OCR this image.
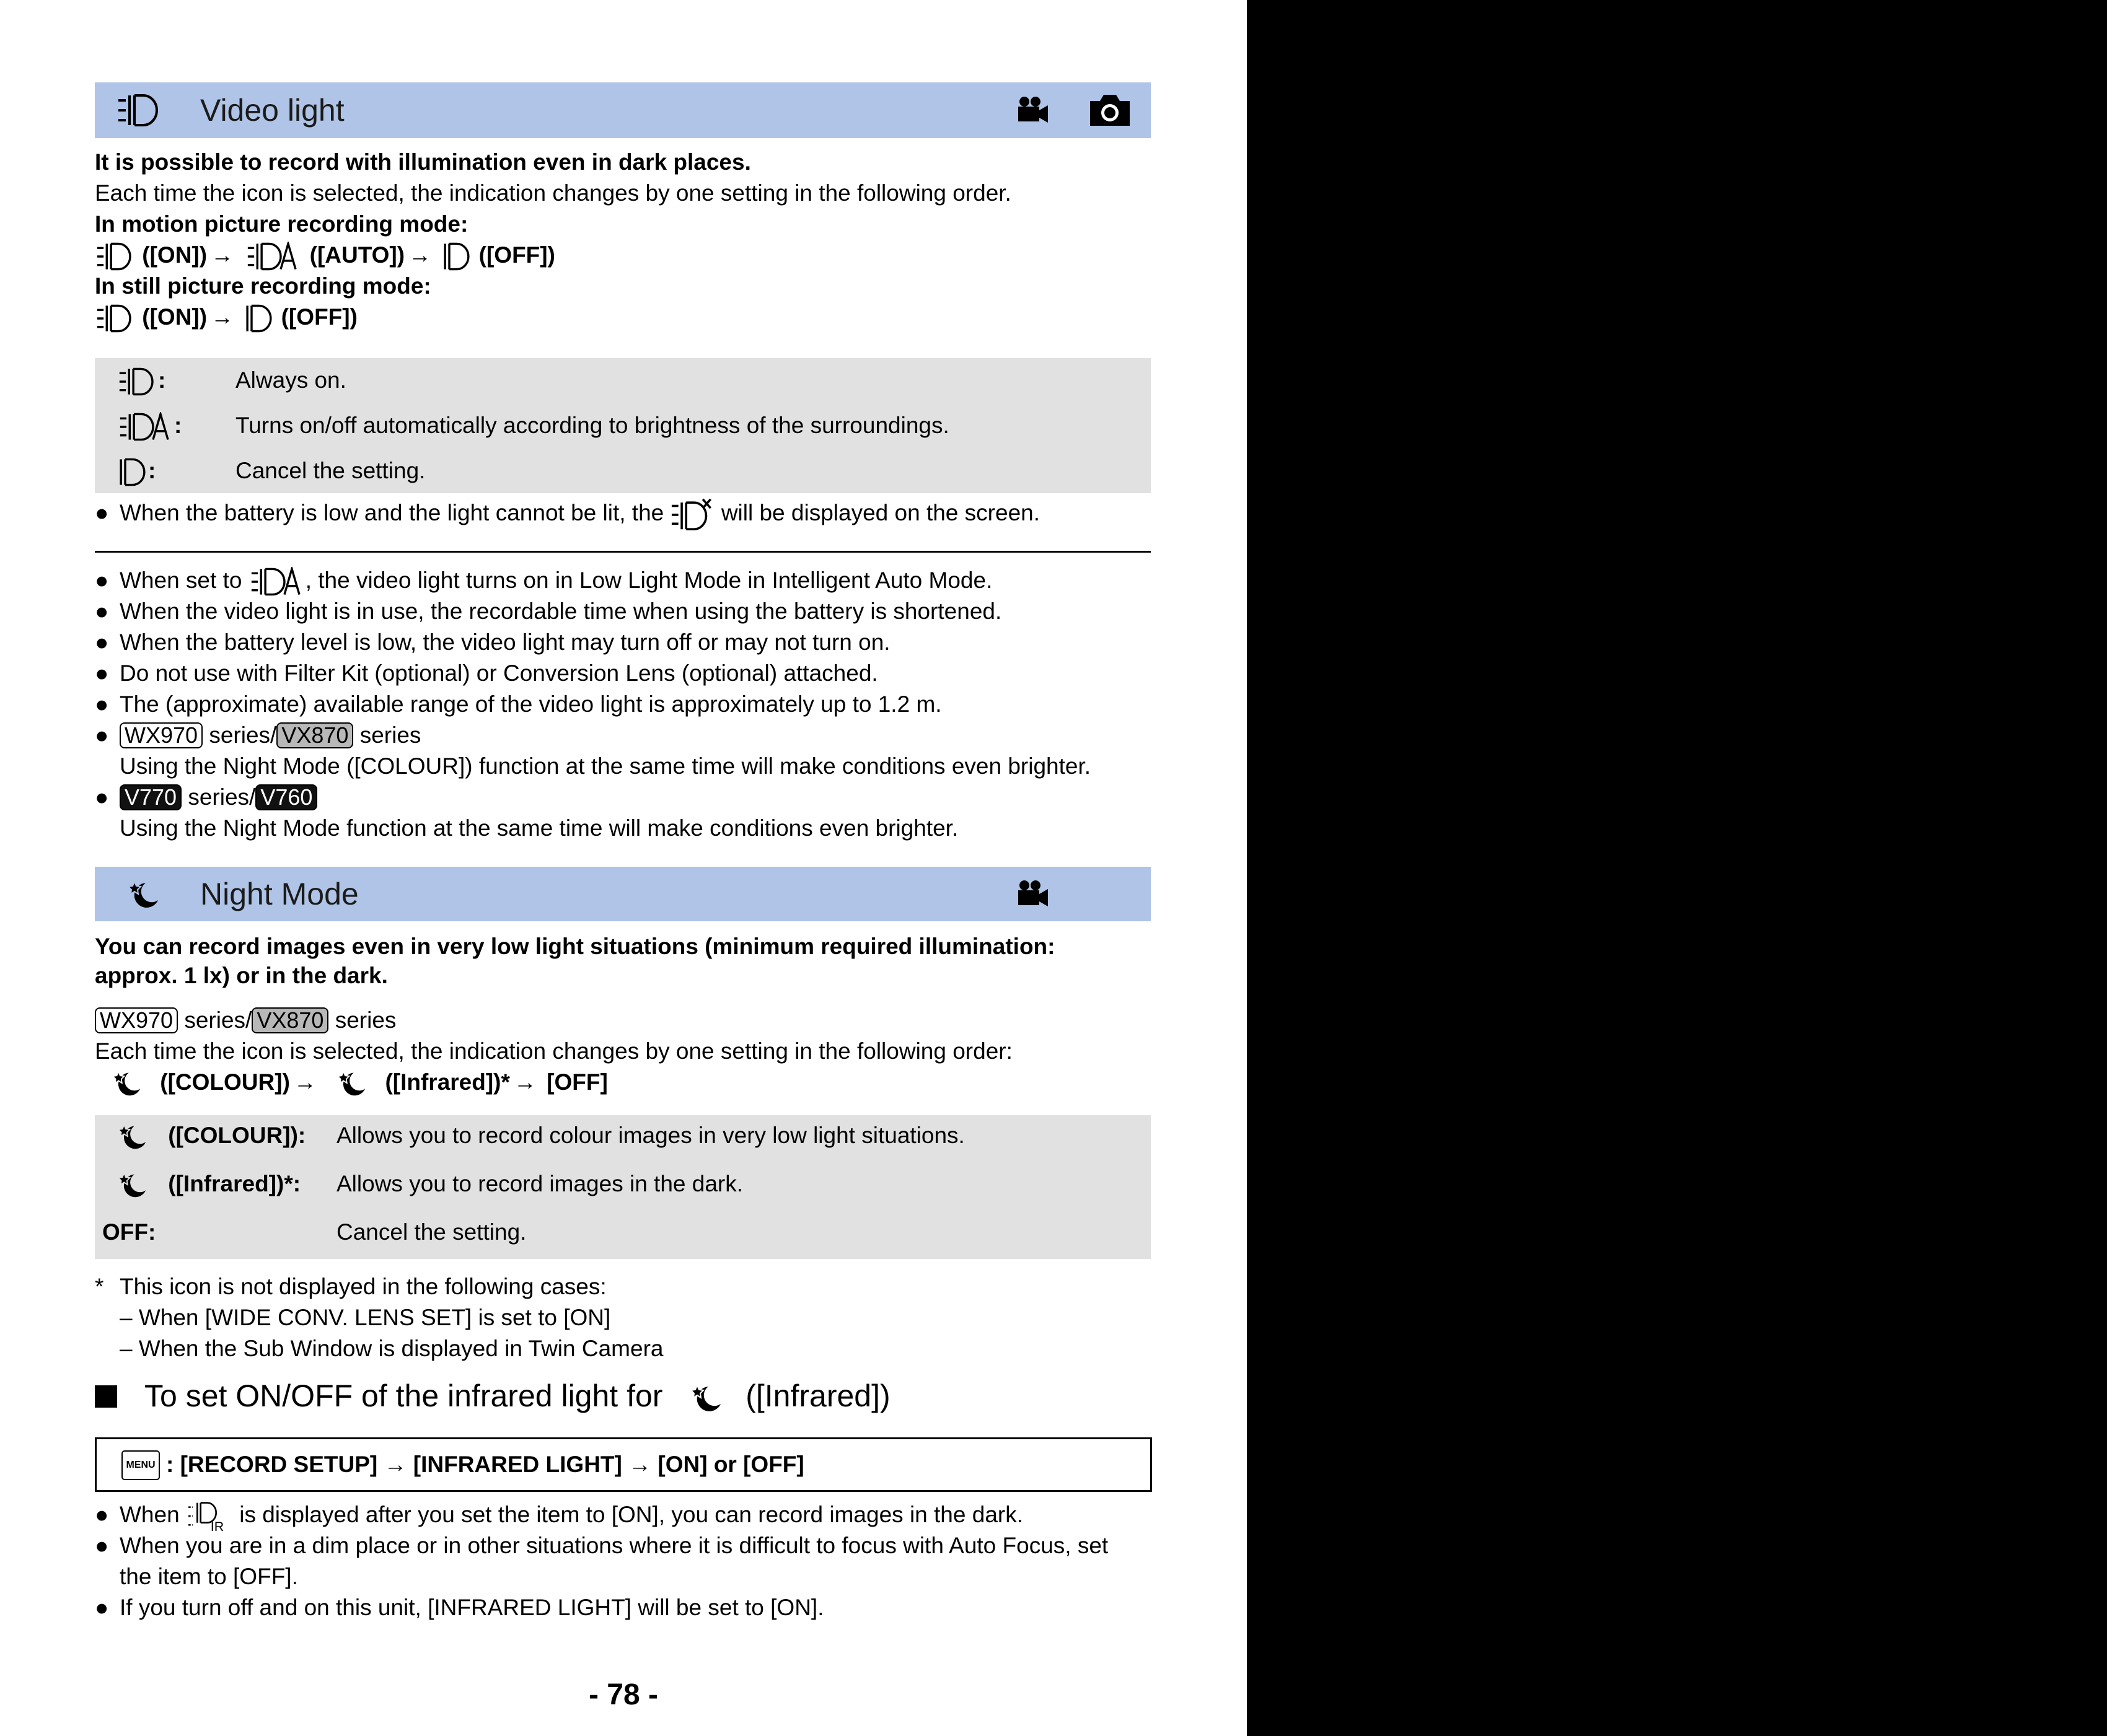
Video light
It is possible to record with illumination even in dark places.
Each time the icon is selected, the indication changes by one setting in the following order.
In motion picture recording mode:
([ON]) →	([AUTO]) → ([OFF])
In still picture recording mode:
([ON]) → ([OFF])
:	Always on.
: Turns on/off automatically according to brightness of the surroundings.
:	Cancel the setting.
● When the battery is low and the light cannot be lit, the	will be displayed on the screen.
● When set to	, the video light turns on in Low Light Mode in Intelligent Auto Mode.
● When the video light is in use, the recordable time when using the battery is shortened.
● When the battery level is low, the video light may turn off or may not turn on.
● Do not use with Filter Kit (optional) or Conversion Lens (optional) attached.
● The (approximate) available range of the video light is approximately up to 1.2 m.
● WX970 series/ VX870 series
Using the Night Mode ([COLOUR]) function at the same time will make conditions even brighter.
● V770 series/ V760
Using the Night Mode function at the same time will make conditions even brighter.
Night Mode
You can record images even in very low light situations (minimum required illumination:
approx. 1 lx) or in the dark.
WX970 series/ VX870 series
Each time the icon is selected, the indication changes by one setting in the following order:
([COLOUR]) →	([Infrared])* → [OFF]
([COLOUR]): Allows you to record colour images in very low light situations.
([Infrared])*: Allows you to record images in the dark.
OFF:	Cancel the setting.
* This icon is not displayed in the following cases:
– When [WIDE CONV. LENS SET] is set to [ON]
– When the Sub Window is displayed in Twin Camera
To set ON/OFF of the infrared light for	([Infrared])
MENU : [RECORD SETUP] → [INFRARED LIGHT] → [ON] or [OFF]
● When IR is displayed after you set the item to [ON], you can record images in the dark.
● When you are in a dim place or in other situations where it is difficult to focus with Auto Focus, set
the item to [OFF].
● If you turn off and on this unit, [INFRARED LIGHT] will be set to [ON].
- 78 -
